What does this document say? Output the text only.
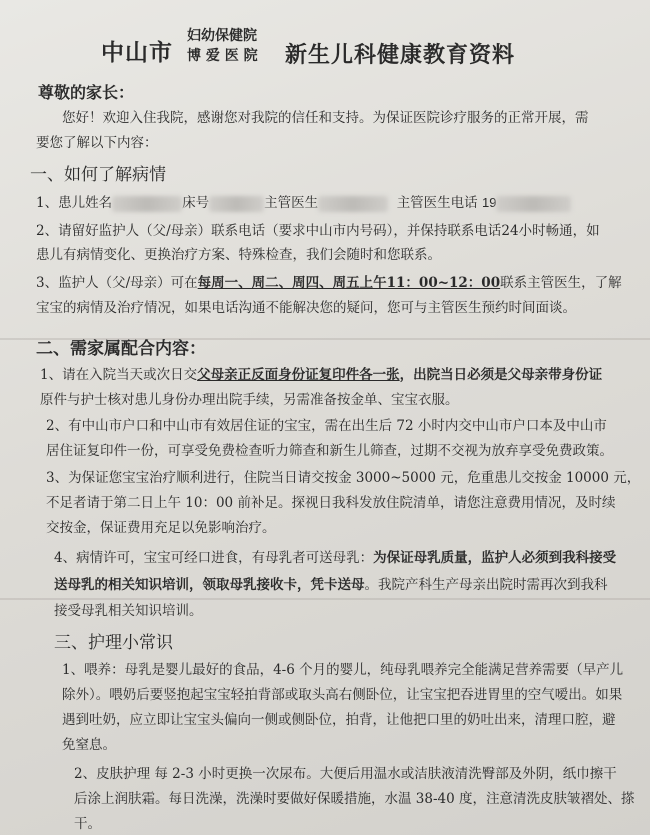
中山市
妇幼保健院
博 爱 医 院 新生儿科健康教育资料
尊敬的家长：
您好！欢迎入住我院，感谢您对我院的信任和支持。为保证医院诊疗服务的正常开展，需
要您了解以下内容：
一、如何了解病情
1、患儿姓名	床号	主管医生	主管医生电话 19
2、请留好监护人（父/母亲）联系电话（要求中山市内号码），并保持联系电话24小时畅通，如
患儿有病情变化、更换治疗方案、特殊检查，我们会随时和您联系。
3、监护人（父/母亲）可在每周一、周二、周四、周五上午11：00~12：00联系主管医生，了解
宝宝的病情及治疗情况，如果电话沟通不能解决您的疑问，您可与主管医生预约时间面谈。
二、需家属配合内容：
1、请在入院当天或次日交父母亲正反面身份证复印件各一张，出院当日必须是父母亲带身份证
原件与护士核对患儿身份办理出院手续，另需准备按金单、宝宝衣服。
2、有中山市户口和中山市有效居住证的宝宝，需在出生后 72 小时内交中山市户口本及中山市
居住证复印件一份，可享受免费检查听力筛查和新生儿筛查，过期不交视为放弃享受免费政策。
3、为保证您宝宝治疗顺利进行，住院当日请交按金 3000~5000 元，危重患儿交按金 10000 元，
不足者请于第二日上午 10：00 前补足。探视日我科发放住院清单，请您注意费用情况，及时续
交按金，保证费用充足以免影响治疗。
4、病情许可，宝宝可经口进食，有母乳者可送母乳：为保证母乳质量，监护人必须到我科接受
送母乳的相关知识培训，领取母乳接收卡，凭卡送母。我院产科生产母亲出院时需再次到我科
接受母乳相关知识培训。
三、护理小常识
1、喂养：母乳是婴儿最好的食品，4-6 个月的婴儿，纯母乳喂养完全能满足营养需要（早产儿
除外）。喂奶后要竖抱起宝宝轻拍背部或取头高右侧卧位，让宝宝把吞进胃里的空气嗳出。如果
遇到吐奶，应立即让宝宝头偏向一侧或侧卧位，拍背，让他把口里的奶吐出来，清理口腔，避
免窒息。
2、皮肤护理 每 2-3 小时更换一次尿布。大便后用温水或洁肤液清洗臀部及外阴，纸巾擦干
后涂上润肤霜。每日洗澡，洗澡时要做好保暖措施，水温 38-40 度，注意清洗皮肤皱褶处、搽
干。
